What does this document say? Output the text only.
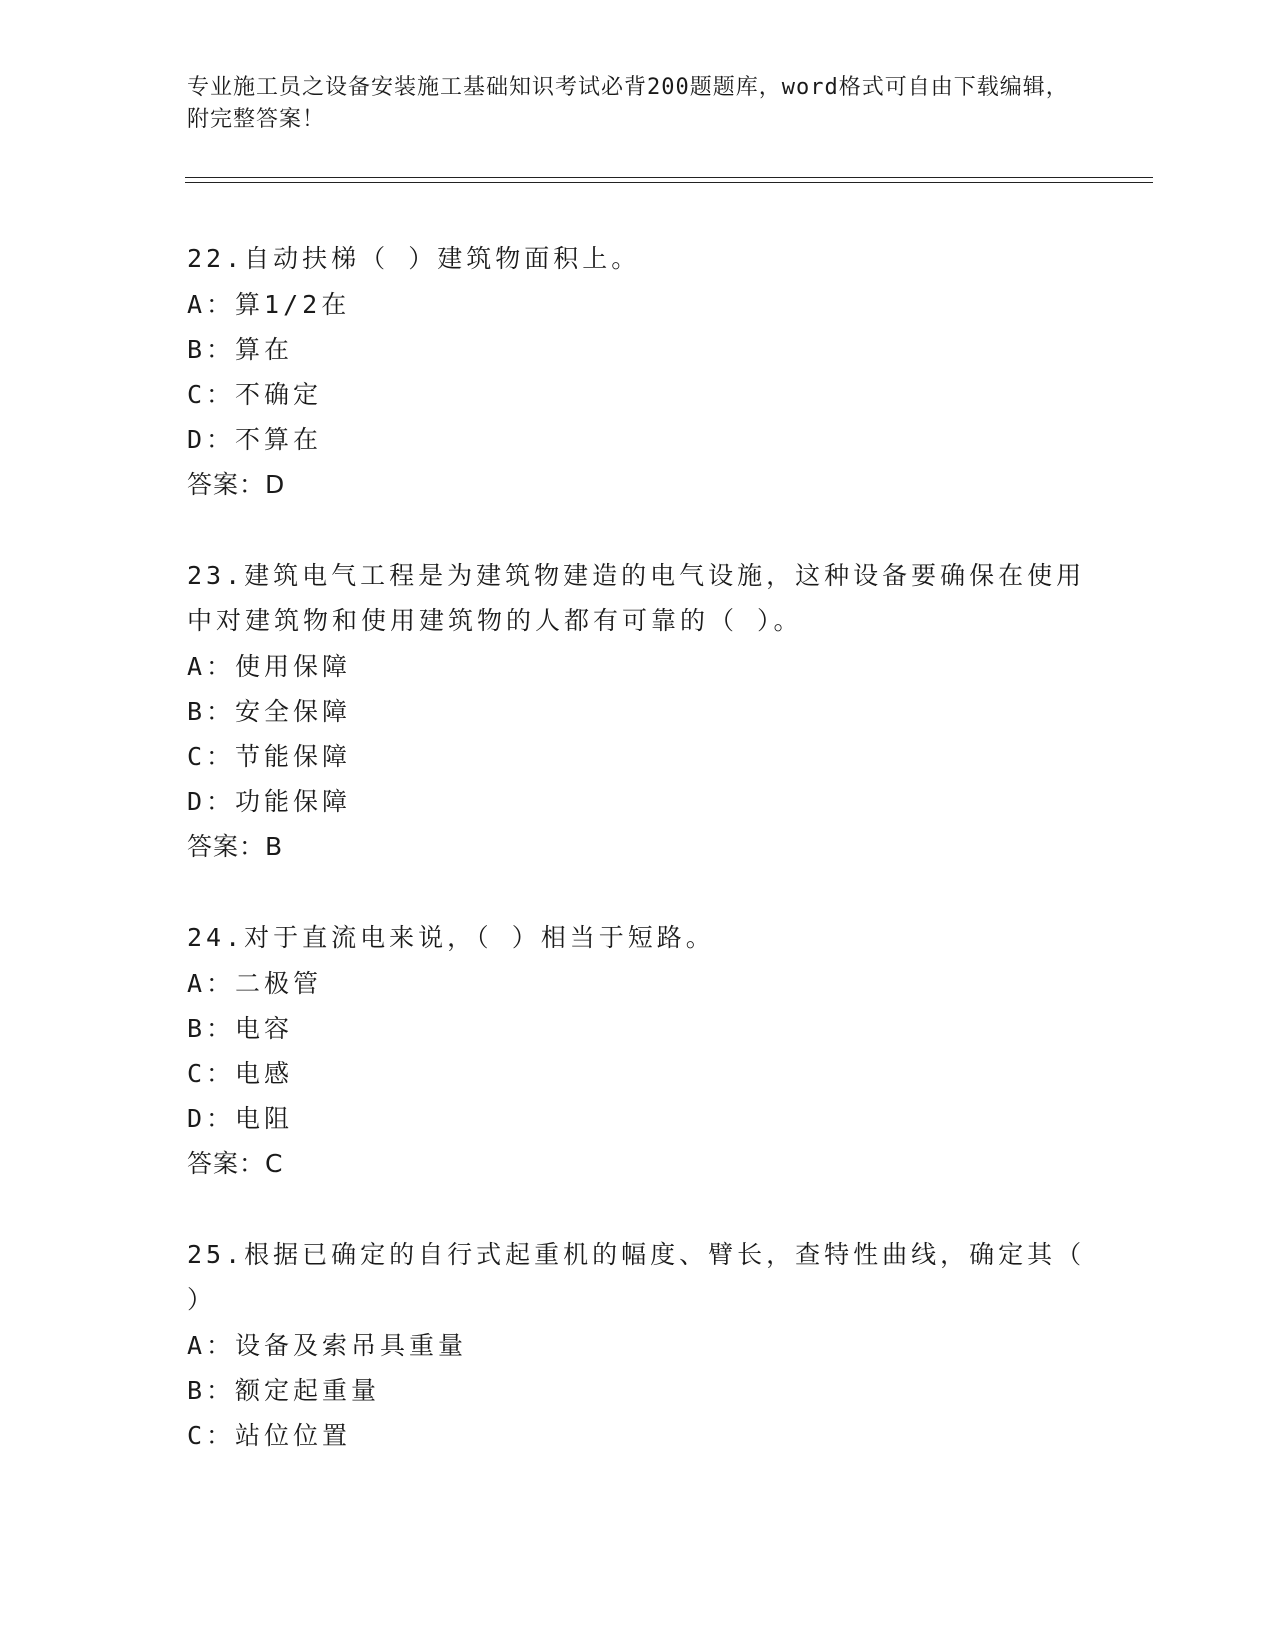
专业施工员之设备安装施工基础知识考试必背200题题库，word格式可自由下载编辑，附完整答案！
22.自动扶梯（ ）建筑物面积上。
A：算1/2在
B：算在
C：不确定
D：不算在
答案：D
23.建筑电气工程是为建筑物建造的电气设施，这种设备要确保在使用中对建筑物和使用建筑物的人都有可靠的（ ）。
A：使用保障
B：安全保障
C：节能保障
D：功能保障
答案：B
24.对于直流电来说，（ ）相当于短路。
A：二极管
B：电容
C：电感
D：电阻
答案：C
25.根据已确定的自行式起重机的幅度、臂长，查特性曲线，确定其（ ）
A：设备及索吊具重量
B：额定起重量
C：站位位置
